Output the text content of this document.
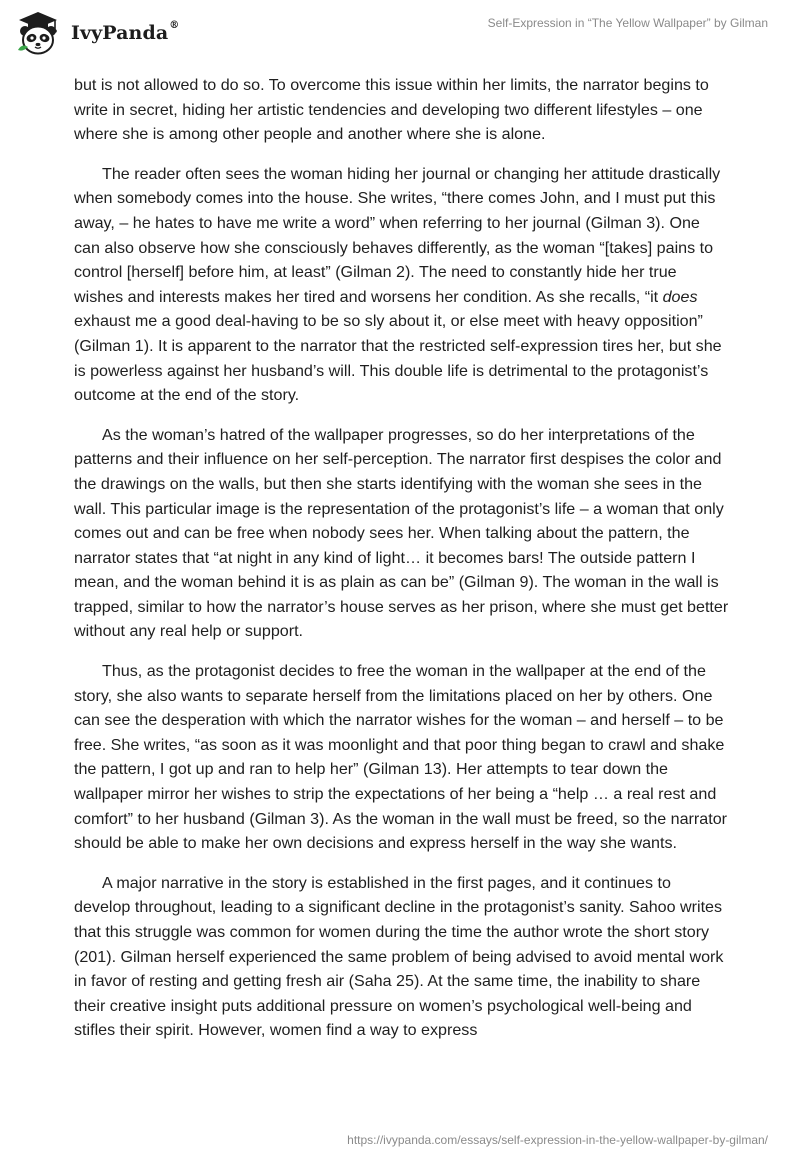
IvyPanda®	Self-Expression in “The Yellow Wallpaper” by Gilman

but is not allowed to do so. To overcome this issue within her limits, the narrator begins to write in secret, hiding her artistic tendencies and developing two different lifestyles – one where she is among other people and another where she is alone.

The reader often sees the woman hiding her journal or changing her attitude drastically when somebody comes into the house. She writes, “there comes John, and I must put this away, – he hates to have me write a word” when referring to her journal (Gilman 3). One can also observe how she consciously behaves differently, as the woman “[takes] pains to control [herself] before him, at least” (Gilman 2). The need to constantly hide her true wishes and interests makes her tired and worsens her condition. As she recalls, “it does exhaust me a good deal-having to be so sly about it, or else meet with heavy opposition” (Gilman 1). It is apparent to the narrator that the restricted self-expression tires her, but she is powerless against her husband’s will. This double life is detrimental to the protagonist’s outcome at the end of the story.

As the woman’s hatred of the wallpaper progresses, so do her interpretations of the patterns and their influence on her self-perception. The narrator first despises the color and the drawings on the walls, but then she starts identifying with the woman she sees in the wall. This particular image is the representation of the protagonist’s life – a woman that only comes out and can be free when nobody sees her. When talking about the pattern, the narrator states that “at night in any kind of light… it becomes bars! The outside pattern I mean, and the woman behind it is as plain as can be” (Gilman 9). The woman in the wall is trapped, similar to how the narrator’s house serves as her prison, where she must get better without any real help or support.

Thus, as the protagonist decides to free the woman in the wallpaper at the end of the story, she also wants to separate herself from the limitations placed on her by others. One can see the desperation with which the narrator wishes for the woman – and herself – to be free. She writes, “as soon as it was moonlight and that poor thing began to crawl and shake the pattern, I got up and ran to help her” (Gilman 13). Her attempts to tear down the wallpaper mirror her wishes to strip the expectations of her being a “help … a real rest and comfort” to her husband (Gilman 3). As the woman in the wall must be freed, so the narrator should be able to make her own decisions and express herself in the way she wants.

A major narrative in the story is established in the first pages, and it continues to develop throughout, leading to a significant decline in the protagonist’s sanity. Sahoo writes that this struggle was common for women during the time the author wrote the short story (201). Gilman herself experienced the same problem of being advised to avoid mental work in favor of resting and getting fresh air (Saha 25). At the same time, the inability to share their creative insight puts additional pressure on women’s psychological well-being and stifles their spirit. However, women find a way to express

https://ivypanda.com/essays/self-expression-in-the-yellow-wallpaper-by-gilman/
